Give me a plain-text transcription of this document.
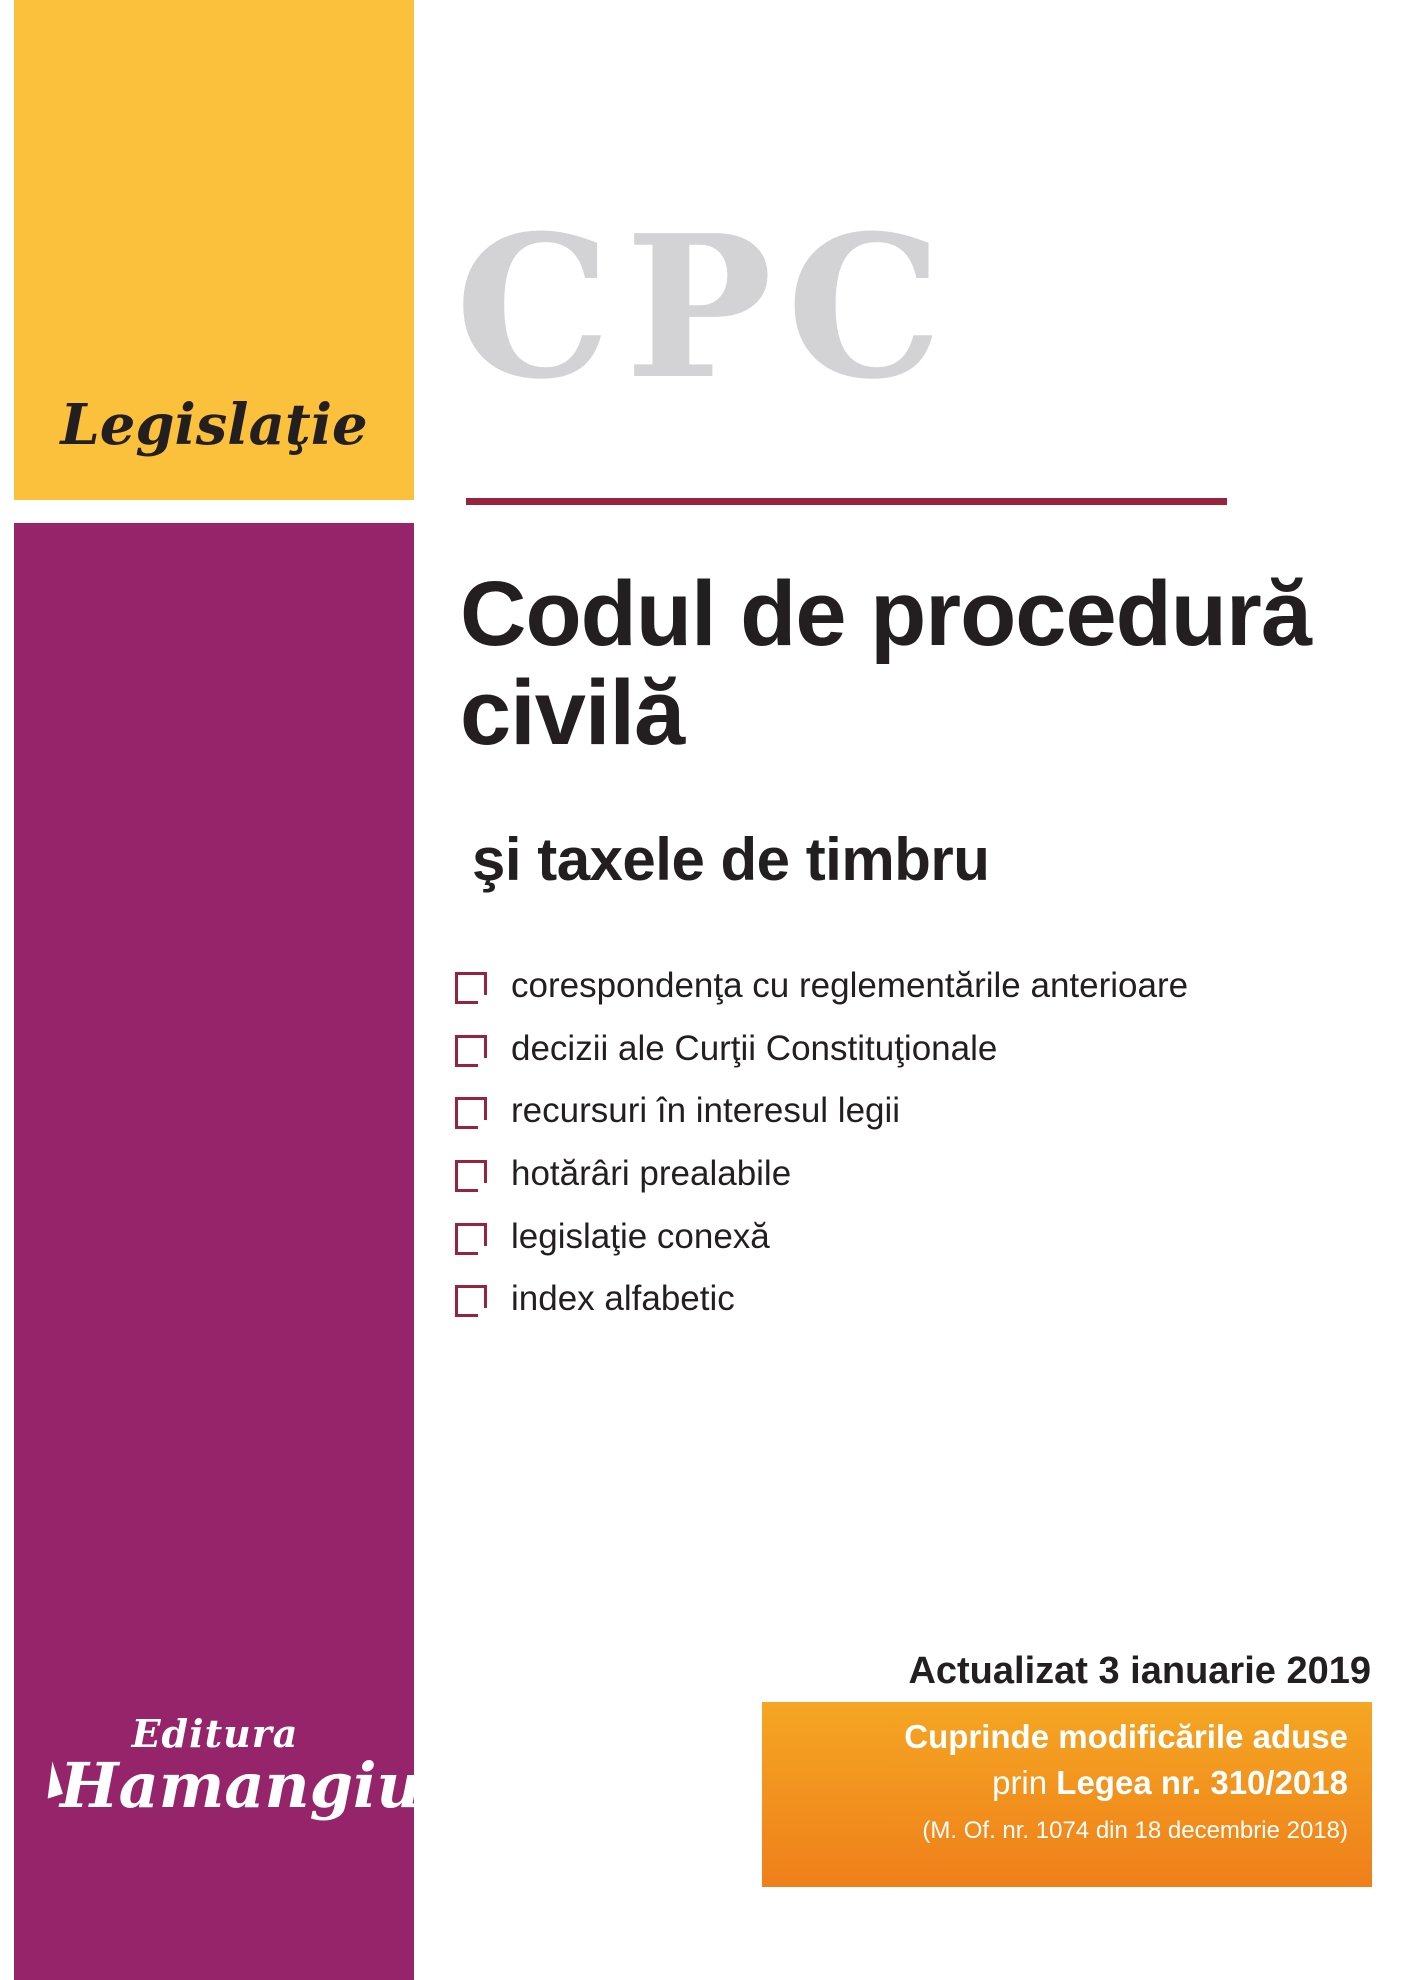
Legislaţie
CPC
Codul de procedură civilă
şi taxele de timbru
corespondenţa cu reglementările anterioare
decizii ale Curţii Constituţionale
recursuri în interesul legii
hotărâri prealabile
legislaţie conexă
index alfabetic
Actualizat 3 ianuarie 2019
Cuprinde modificările aduse
prin Legea nr. 310/2018
(M. Of. nr. 1074 din 18 decembrie 2018)
Editura
Hamangiu
